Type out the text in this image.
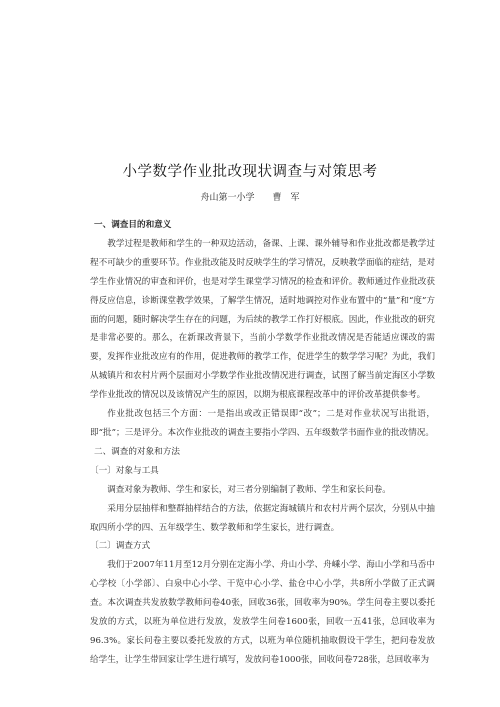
小学数学作业批改现状调查与对策思考
舟山第一小学　　曹　军
一、调查目的和意义
教学过程是教师和学生的一种双边活动，备课、上课、课外辅导和作业批改都是教学过程不可缺少的重要环节。作业批改能及时反映学生的学习情况，反映教学面临的症结，是对学生作业情况的审查和评价，也是对学生课堂学习情况的检查和评价。教师通过作业批改获得反应信息，诊断课堂教学效果，了解学生情况，适时地调控对作业布置中的“量”和“度”方面的问题，随时解决学生存在的问题，为后续的教学工作打好根底。因此，作业批改的研究是非常必要的。那么，在新课改背景下，当前小学数学作业批改情况是否能适应课改的需要，发挥作业批改应有的作用，促进教师的教学工作，促进学生的数学学习呢？为此，我们从城镇片和农村片两个层面对小学数学作业批改情况进行调查，试图了解当前定海区小学数学作业批改的情况以及该情况产生的原因，以期为根底课程改革中的评价改革提供参考。
作业批改包括三个方面：一是指出或改正错误即“改”；二是对作业状况写出批语，即“批”；三是评分。本次作业批改的调查主要指小学四、五年级数学书面作业的批改情况。
二、调查的对象和方法
〔一〕对象与工具
调查对象为教师、学生和家长，对三者分别编制了教师、学生和家长问卷。
采用分层抽样和整群抽样结合的方法，依据定海城镇片和农村片两个层次，分别从中抽取四所小学的四、五年级学生、数学教师和学生家长，进行调查。
〔二〕调查方式
我们于2007年11月至12月分别在定海小学、舟山小学、舟嵊小学、海山小学和马岙中心学校〔小学部〕、白泉中心小学、干览中心小学、盐仓中心小学，共8所小学做了正式调查。本次调查共发放数学教师问卷40张，回收36张，回收率为90%。学生问卷主要以委托发放的方式，以班为单位进行发放，发放学生问卷1600张，回收一五41张，总回收率为96.3%。家长问卷主要以委托发放的方式，以班为单位随机抽取假设干学生，把问卷发放给学生，让学生带回家让学生进行填写，发放问卷1000张，回收问卷728张，总回收率为
